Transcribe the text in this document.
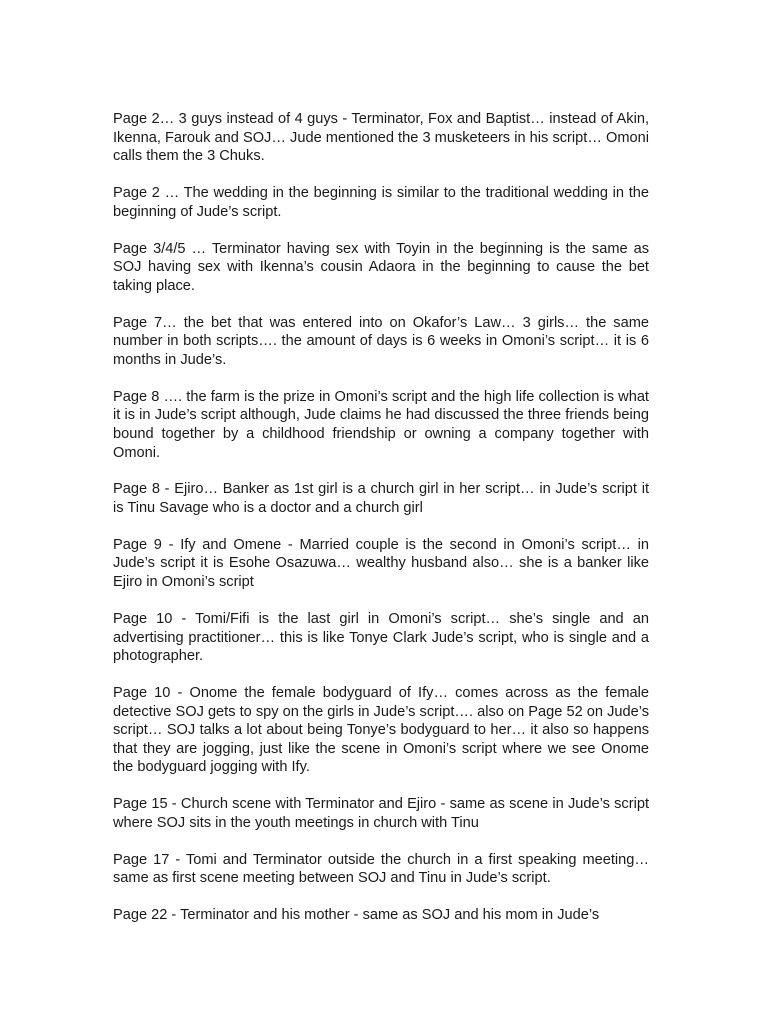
Page 2… 3 guys instead of 4 guys - Terminator, Fox and Baptist… instead of Akin, Ikenna, Farouk and SOJ… Jude mentioned the 3 musketeers in his script… Omoni calls them the 3 Chuks.

Page 2 … The wedding in the beginning is similar to the traditional wedding in the beginning of Jude’s script.

Page 3/4/5 … Terminator having sex with Toyin in the beginning is the same as SOJ having sex with Ikenna’s cousin Adaora in the beginning to cause the bet taking place.

Page 7… the bet that was entered into on Okafor’s Law… 3 girls… the same number in both scripts…. the amount of days is 6 weeks in Omoni’s script… it is 6 months in Jude’s.

Page 8 …. the farm is the prize in Omoni’s script and the high life collection is what it is in Jude’s script although, Jude claims he had discussed the three friends being bound together by a childhood friendship or owning a company together with Omoni.

Page 8 - Ejiro… Banker as 1st girl is a church girl in her script… in Jude’s script it is Tinu Savage who is a doctor and a church girl

Page 9 - Ify and Omene - Married couple is the second in Omoni’s script… in Jude’s script it is Esohe Osazuwa… wealthy husband also… she is a banker like Ejiro in Omoni’s script

Page 10 - Tomi/Fifi is the last girl in Omoni’s script… she’s single and an advertising practitioner… this is like Tonye Clark Jude’s script, who is single and a photographer.

Page 10 - Onome the female bodyguard of Ify… comes across as the female detective SOJ gets to spy on the girls in Jude’s script…. also on Page 52 on Jude’s script… SOJ talks a lot about being Tonye’s bodyguard to her… it also so happens that they are jogging, just like the scene in Omoni’s script where we see Onome the bodyguard jogging with Ify.

Page 15 - Church scene with Terminator and Ejiro - same as scene in Jude’s script where SOJ sits in the youth meetings in church with Tinu

Page 17 - Tomi and Terminator outside the church in a first speaking meeting… same as first scene meeting between SOJ and Tinu in Jude’s script.

Page 22 - Terminator and his mother - same as SOJ and his mom in Jude’s
